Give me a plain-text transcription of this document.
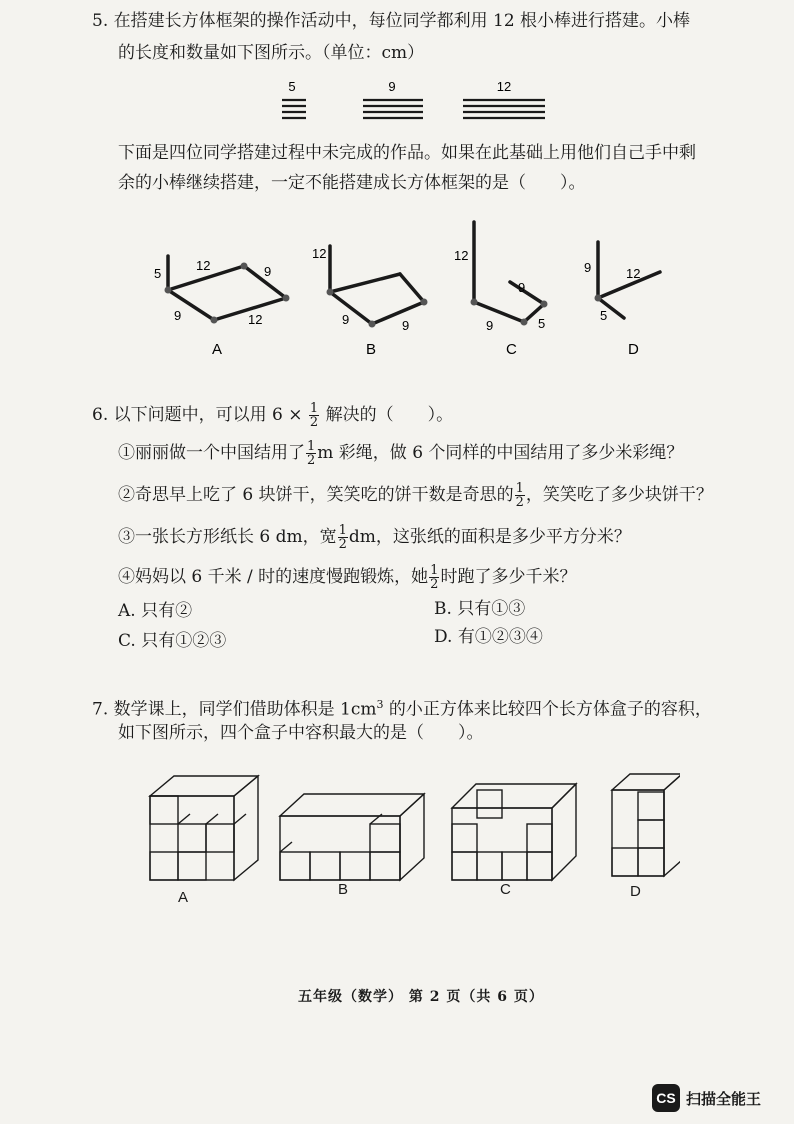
5. 在搭建长方体框架的操作活动中，每位同学都利用 12 根小棒进行搭建。小棒
的长度和数量如下图所示。（单位：cm）
5	9	12
下面是四位同学搭建过程中未完成的作品。如果在此基础上用他们自己手中剩
余的小棒继续搭建，一定不能搭建成长方体框架的是（　　）。
5
12	9
9	12
A
12
9	9
B
12
9
9	5
C
9	12
5
D
6. 以下问题中，可以用 $6 \times \frac{1}{2}$ 解决的（　　）。
①丽丽做一个中国结用了 $\frac{1}{2}$ m 彩绳，做 6 个同样的中国结用了多少米彩绳？
②奇思早上吃了 6 块饼干，笑笑吃的饼干数是奇思的 $\frac{1}{2}$ ，笑笑吃了多少块饼干？
③一张长方形纸长 6 dm，宽 $\frac{1}{2}$ dm，这张纸的面积是多少平方分米？
④妈妈以 6 千米 / 时的速度慢跑锻炼，她 $\frac{1}{2}$ 时跑了多少千米？
A. 只有②	B. 只有①③
C. 只有①②③	D. 有①②③④
7. 数学课上，同学们借助体积是 $1cm^3$ 的小正方体来比较四个长方体盒子的容积，
如下图所示，四个盒子中容积最大的是（　　）。
A	B	C	D
五年级（数学） 第 2 页（共 6 页）
CS 扫描全能王
